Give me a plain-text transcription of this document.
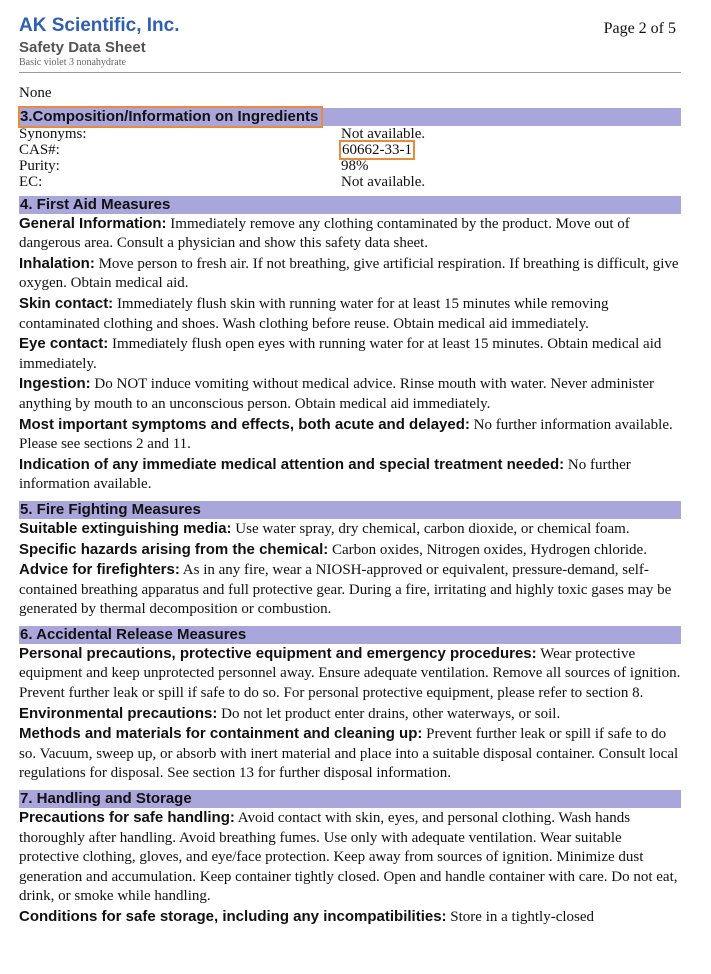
AK Scientific, Inc.
Safety Data Sheet
Basic violet 3 nonahydrate
Page 2 of 5

None

3.Composition/Information on Ingredients
Synonyms:	Not available.
CAS#:	60662-33-1
Purity:	98%
EC:	Not available.
4. First Aid Measures

General Information: Immediately remove any clothing contaminated by the product. Move out of dangerous area. Consult a physician and show this safety data sheet.

Inhalation: Move person to fresh air. If not breathing, give artificial respiration. If breathing is difficult, give oxygen. Obtain medical aid.

Skin contact: Immediately flush skin with running water for at least 15 minutes while removing contaminated clothing and shoes. Wash clothing before reuse. Obtain medical aid immediately.

Eye contact: Immediately flush open eyes with running water for at least 15 minutes. Obtain medical aid immediately.

Ingestion: Do NOT induce vomiting without medical advice. Rinse mouth with water. Never administer anything by mouth to an unconscious person. Obtain medical aid immediately.

Most important symptoms and effects, both acute and delayed: No further information available. Please see sections 2 and 11.

Indication of any immediate medical attention and special treatment needed: No further information available.

5. Fire Fighting Measures

Suitable extinguishing media: Use water spray, dry chemical, carbon dioxide, or chemical foam.

Specific hazards arising from the chemical: Carbon oxides, Nitrogen oxides, Hydrogen chloride.

Advice for firefighters: As in any fire, wear a NIOSH-approved or equivalent, pressure-demand, self-contained breathing apparatus and full protective gear. During a fire, irritating and highly toxic gases may be generated by thermal decomposition or combustion.

6. Accidental Release Measures

Personal precautions, protective equipment and emergency procedures: Wear protective equipment and keep unprotected personnel away. Ensure adequate ventilation. Remove all sources of ignition. Prevent further leak or spill if safe to do so. For personal protective equipment, please refer to section 8.

Environmental precautions: Do not let product enter drains, other waterways, or soil.

Methods and materials for containment and cleaning up: Prevent further leak or spill if safe to do so. Vacuum, sweep up, or absorb with inert material and place into a suitable disposal container. Consult local regulations for disposal. See section 13 for further disposal information.

7. Handling and Storage

Precautions for safe handling: Avoid contact with skin, eyes, and personal clothing. Wash hands thoroughly after handling. Avoid breathing fumes. Use only with adequate ventilation. Wear suitable protective clothing, gloves, and eye/face protection. Keep away from sources of ignition. Minimize dust generation and accumulation. Keep container tightly closed. Open and handle container with care. Do not eat, drink, or smoke while handling.

Conditions for safe storage, including any incompatibilities: Store in a tightly-closed
